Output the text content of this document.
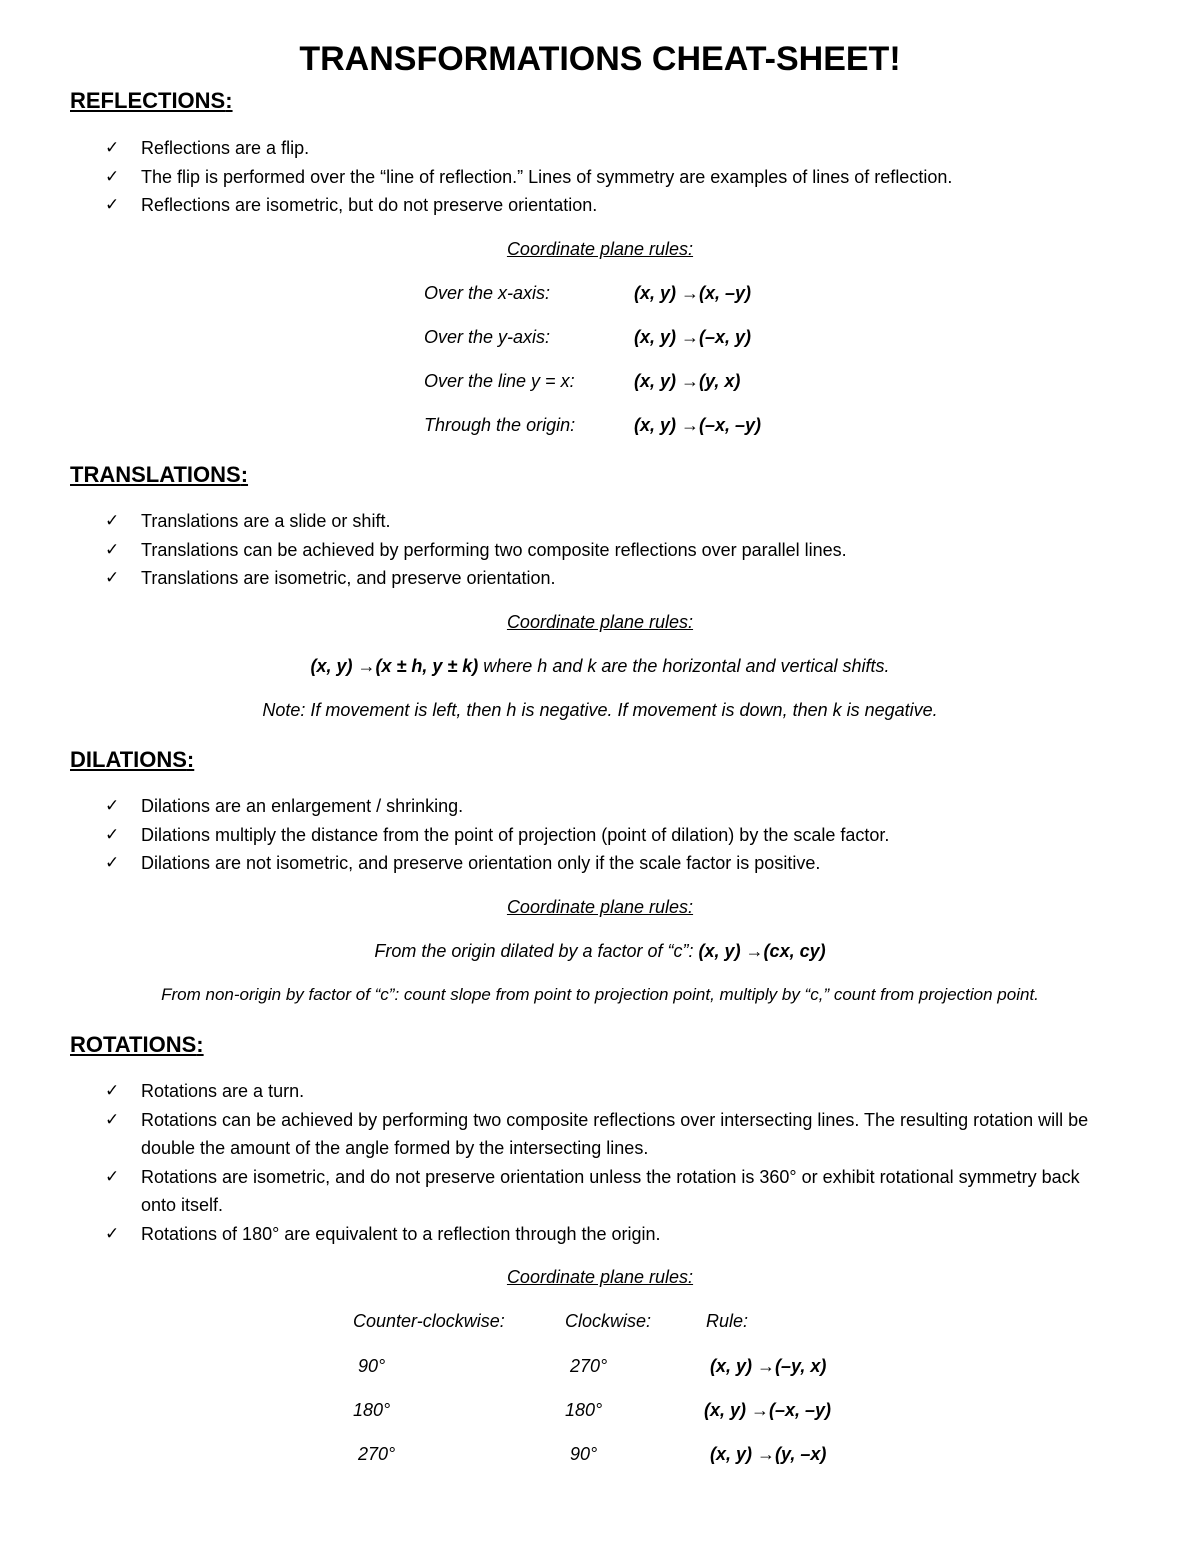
TRANSFORMATIONS CHEAT-SHEET!
REFLECTIONS:
✓ Reflections are a flip.
✓ The flip is performed over the “line of reflection.” Lines of symmetry are examples of lines of reflection.
✓ Reflections are isometric, but do not preserve orientation.
Coordinate plane rules:
Over the x-axis:	(x, y) →(x, –y)
Over the y-axis:	(x, y) →(–x, y)
Over the line y = x:	(x, y) →(y, x)
Through the origin:	(x, y) →(–x, –y)
TRANSLATIONS:
✓ Translations are a slide or shift.
✓ Translations can be achieved by performing two composite reflections over parallel lines.
✓ Translations are isometric, and preserve orientation.
Coordinate plane rules:
(x, y) →(x ± h, y ± k) where h and k are the horizontal and vertical shifts.
Note: If movement is left, then h is negative. If movement is down, then k is negative.
DILATIONS:
✓ Dilations are an enlargement / shrinking.
✓ Dilations multiply the distance from the point of projection (point of dilation) by the scale factor.
✓ Dilations are not isometric, and preserve orientation only if the scale factor is positive.
Coordinate plane rules:
From the origin dilated by a factor of “c”: (x, y) →(cx, cy)
From non-origin by factor of “c”: count slope from point to projection point, multiply by “c,” count from projection point.
ROTATIONS:
✓ Rotations are a turn.
✓ Rotations can be achieved by performing two composite reflections over intersecting lines. The resulting rotation will be double the amount of the angle formed by the intersecting lines.
✓ Rotations are isometric, and do not preserve orientation unless the rotation is 360° or exhibit rotational symmetry back onto itself.
✓ Rotations of 180° are equivalent to a reflection through the origin.
Coordinate plane rules:
Counter-clockwise:	Clockwise:	Rule:
90°	270°	(x, y) →(–y, x)
180°	180°	(x, y) →(–x, –y)
270°	90°	(x, y) →(y, –x)
